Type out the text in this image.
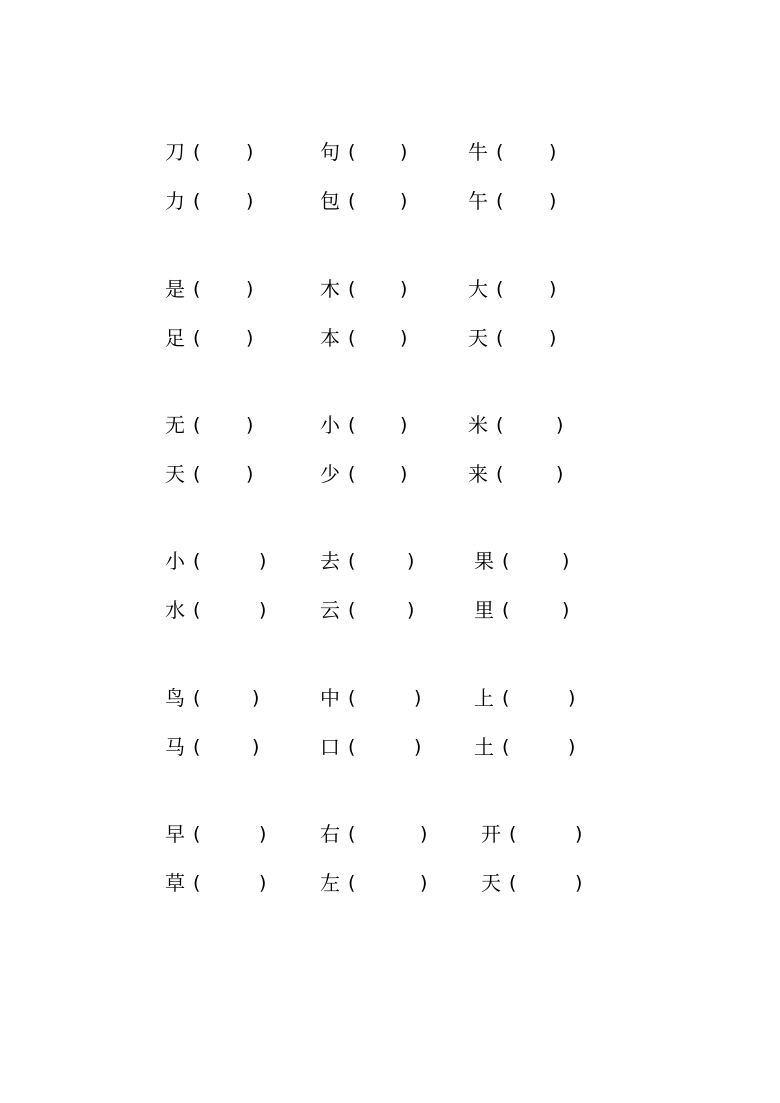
刀 ( )	句 ( )	牛 ( )
力 ( )	包 ( )	午 ( )
是 ( )	木 ( )	大 ( )
足 ( )	本 ( )	天 ( )
无 ( )	小 ( )	米 (	)
天 ( )	少 ( )	来 (	)
小 (	)	去 (	)	果 (	)
水 (	)	云 (	)	里 (	)
鸟 (	)	中 (	)	上 (	)
马 (	)	口 (	)	土 (	)
早 (	)	右 (	)	开 (	)
草 (	)	左 (	)	天 (	)
